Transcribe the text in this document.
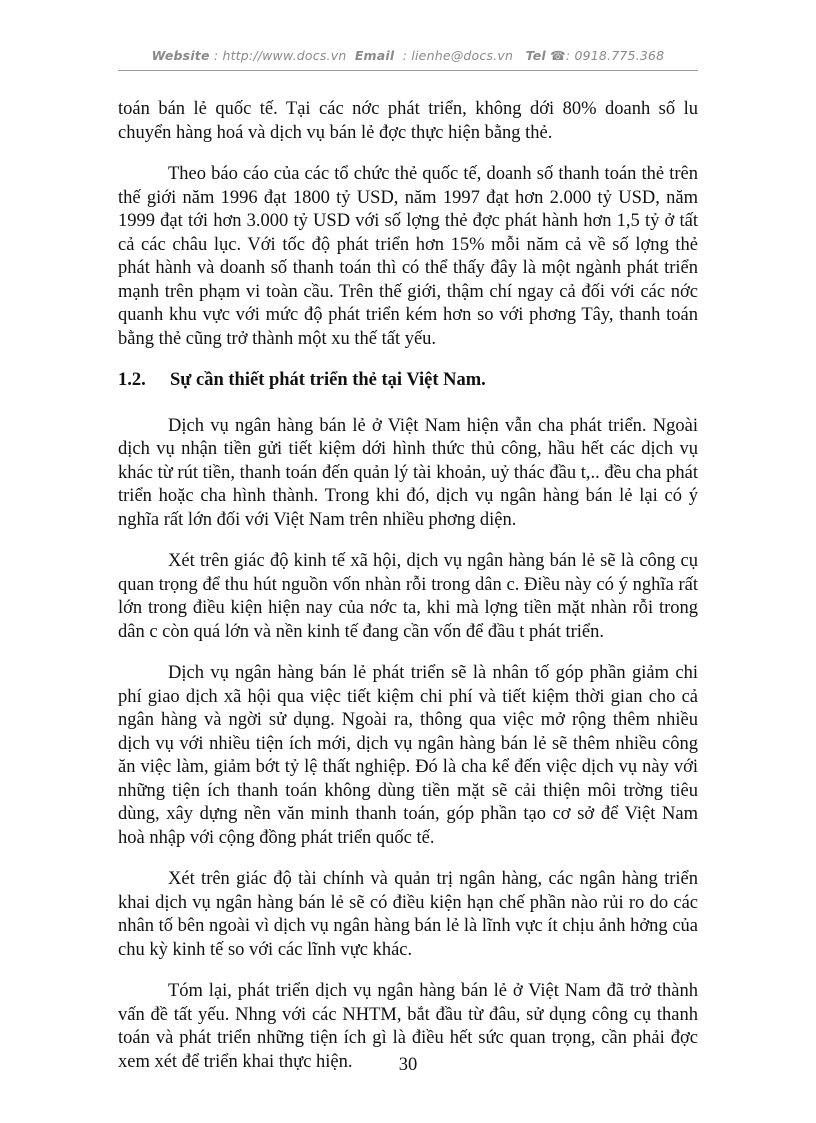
Website : http://www.docs.vn Email : lienhe@docs.vn Tel ☎: 0918.775.368

toán bán lẻ quốc tế. Tại các nớc phát triển, không dới 80% doanh số lu chuyển hàng hoá và dịch vụ bán lẻ đợc thực hiện bằng thẻ.

Theo báo cáo của các tổ chức thẻ quốc tế, doanh số thanh toán thẻ trên thế giới năm 1996 đạt 1800 tỷ USD, năm 1997 đạt hơn 2.000 tỷ USD, năm 1999 đạt tới hơn 3.000 tỷ USD với số lợng thẻ đợc phát hành hơn 1,5 tỷ ở tất cả các châu lục. Với tốc độ phát triển hơn 15% mỗi năm cả về số lợng thẻ phát hành và doanh số thanh toán thì có thể thấy đây là một ngành phát triển mạnh trên phạm vi toàn cầu. Trên thế giới, thậm chí ngay cả đối với các nớc quanh khu vực với mức độ phát triển kém hơn so với phơng Tây, thanh toán bằng thẻ cũng trở thành một xu thế tất yếu.

1.2. Sự cần thiết phát triển thẻ tại Việt Nam.

Dịch vụ ngân hàng bán lẻ ở Việt Nam hiện vẫn cha phát triển. Ngoài dịch vụ nhận tiền gửi tiết kiệm dới hình thức thủ công, hầu hết các dịch vụ khác từ rút tiền, thanh toán đến quản lý tài khoản, uỷ thác đầu t,.. đều cha phát triển hoặc cha hình thành. Trong khi đó, dịch vụ ngân hàng bán lẻ lại có ý nghĩa rất lớn đối với Việt Nam trên nhiều phơng diện.

Xét trên giác độ kinh tế xã hội, dịch vụ ngân hàng bán lẻ sẽ là công cụ quan trọng để thu hút nguồn vốn nhàn rỗi trong dân c. Điều này có ý nghĩa rất lớn trong điều kiện hiện nay của nớc ta, khi mà lợng tiền mặt nhàn rỗi trong dân c còn quá lớn và nền kinh tế đang cần vốn để đầu t phát triển.

Dịch vụ ngân hàng bán lẻ phát triển sẽ là nhân tố góp phần giảm chi phí giao dịch xã hội qua việc tiết kiệm chi phí và tiết kiệm thời gian cho cả ngân hàng và ngời sử dụng. Ngoài ra, thông qua việc mở rộng thêm nhiều dịch vụ với nhiều tiện ích mới, dịch vụ ngân hàng bán lẻ sẽ thêm nhiều công ăn việc làm, giảm bớt tỷ lệ thất nghiệp. Đó là cha kể đến việc dịch vụ này với những tiện ích thanh toán không dùng tiền mặt sẽ cải thiện môi trờng tiêu dùng, xây dựng nền văn minh thanh toán, góp phần tạo cơ sở để Việt Nam hoà nhập với cộng đồng phát triển quốc tế.

Xét trên giác độ tài chính và quản trị ngân hàng, các ngân hàng triển khai dịch vụ ngân hàng bán lẻ sẽ có điều kiện hạn chế phần nào rủi ro do các nhân tố bên ngoài vì dịch vụ ngân hàng bán lẻ là lĩnh vực ít chịu ảnh hởng của chu kỳ kinh tế so với các lĩnh vực khác.

Tóm lại, phát triển dịch vụ ngân hàng bán lẻ ở Việt Nam đã trở thành vấn đề tất yếu. Nhng với các NHTM, bắt đầu từ đâu, sử dụng công cụ thanh toán và phát triển những tiện ích gì là điều hết sức quan trọng, cần phải đợc xem xét để triển khai thực hiện.	30
